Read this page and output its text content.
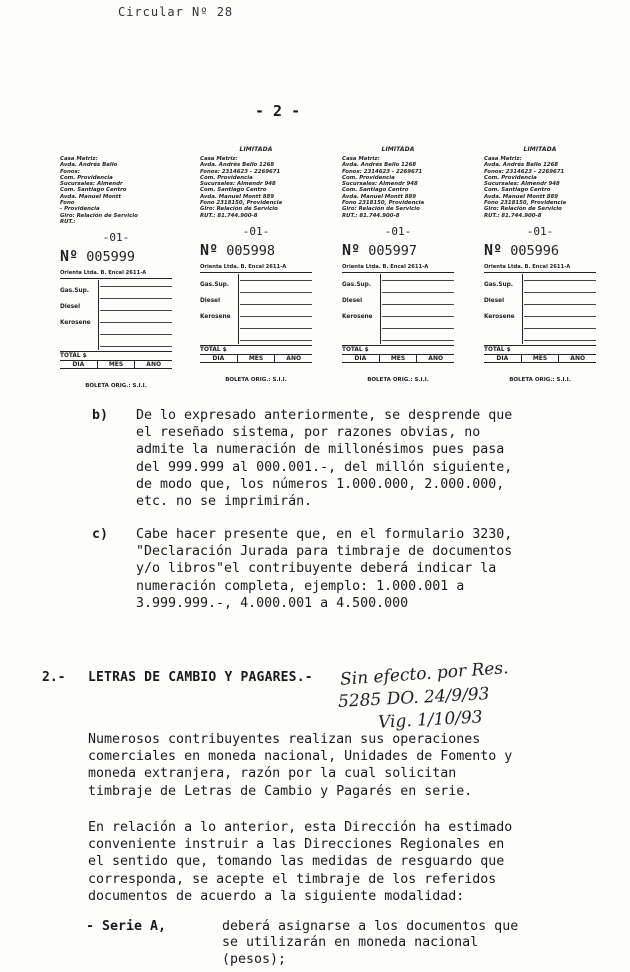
Circular Nº 28
- 2 -
Casa Matriz:
Avda. Andrés Bello
Fonos:
Com. Providencia
Sucursales: Almendr
Com. Santiago Centro
Avda. Manuel Montt
Fono
- Providencia
Giro: Relación de Servicio
RUT.:
-01-
Nº 005999
Orienta Ltda. B. Encal 2611-A
Gas.Sup.
Diesel
Kerosene
TOTAL $
DIA	MES	AÑO
BOLETA ORIG.: S.I.I.
LIMITADA
Casa Matriz:
Avda. Andrés Bello 1268
Fonos: 2314623 - 2269671
Com. Providencia
Sucursales: Almendr 948
Com. Santiago Centro
Avda. Manuel Montt 889
Fono 2318150, Providencia
Giro: Relación de Servicio
RUT.: 81.744.900-8
-01-
Nº 005998
Orienta Ltda. B. Encal 2611-A
Gas.Sup.
Diesel
Kerosene
TOTAL $
DIA	MES	AÑO
BOLETA ORIG.: S.I.I.
LIMITADA
Casa Matriz:
Avda. Andrés Bello 1268
Fonos: 2314623 - 2269671
Com. Providencia
Sucursales: Almendr 948
Com. Santiago Centro
Avda. Manuel Montt 889
Fono 2318150, Providencia
Giro: Relación de Servicio
RUT.: 81.744.900-8
-01-
Nº 005997
Orienta Ltda. B. Encal 2611-A
Gas.Sup.
Diesel
Kerosene
TOTAL $
DIA	MES	AÑO
BOLETA ORIG.: S.I.I.
LIMITADA
Casa Matriz:
Avda. Andrés Bello 1268
Fonos: 2314623 - 2269671
Com. Providencia
Sucursales: Almendr 948
Com. Santiago Centro
Avda. Manuel Montt 889
Fono 2318150, Providencia
Giro: Relación de Servicio
RUT.: 81.744.900-8
-01-
Nº 005996
Orienta Ltda. B. Encal 2611-A
Gas.Sup.
Diesel
Kerosene
TOTAL $
DIA	MES	AÑO
BOLETA ORIG.: S.I.I.
b) De lo expresado anteriormente, se desprende que
el reseñado sistema, por razones obvias, no
admite la numeración de millonésimos pues pasa
del 999.999 al 000.001.-, del millón siguiente,
de modo que, los números 1.000.000, 2.000.000,
etc. no se imprimirán.
c) Cabe hacer presente que, en el formulario 3230,
"Declaración Jurada para timbraje de documentos
y/o libros"el contribuyente deberá indicar la
numeración completa, ejemplo: 1.000.001 a
3.999.999.-, 4.000.001 a 4.500.000
2.- LETRAS DE CAMBIO Y PAGARES.- Sin efecto. por Res.
5285 DO. 24/9/93
Vig. 1/10/93
Numerosos contribuyentes realizan sus operaciones
comerciales en moneda nacional, Unidades de Fomento y
moneda extranjera, razón por la cual solicitan
timbraje de Letras de Cambio y Pagarés en serie.
En relación a lo anterior, esta Dirección ha estimado
conveniente instruir a las Direcciones Regionales en
el sentido que, tomando las medidas de resguardo que
corresponda, se acepte el timbraje de los referidos
documentos de acuerdo a la siguiente modalidad:
- Serie A,	deberá asignarse a los documentos que
se utilizarán en moneda nacional
(pesos);
